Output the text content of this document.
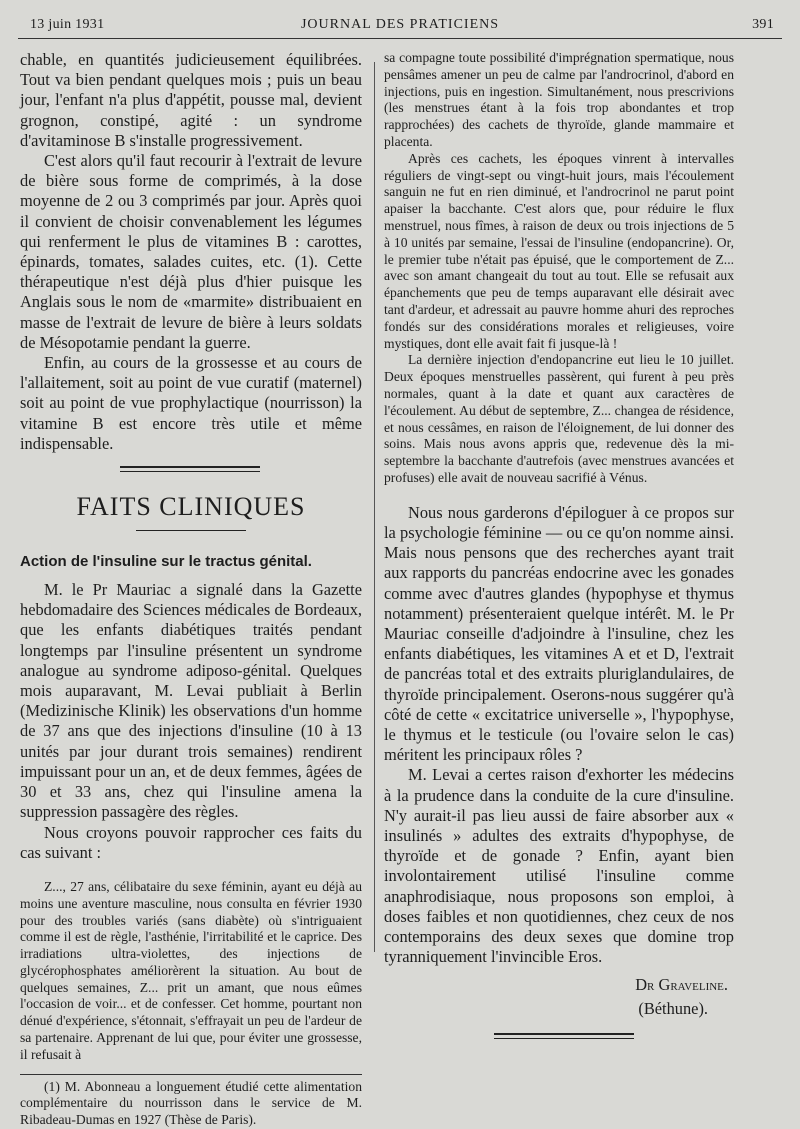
13 juin 1931	JOURNAL DES PRATICIENS	391

chable, en quantités judicieusement équilibrées. Tout va bien pendant quelques mois ; puis un beau jour, l'enfant n'a plus d'appétit, pousse mal, devient grognon, constipé, agité : un syndrome d'avitaminose B s'installe progressivement.

C'est alors qu'il faut recourir à l'extrait de levure de bière sous forme de comprimés, à la dose moyenne de 2 ou 3 comprimés par jour. Après quoi il convient de choisir convenablement les légumes qui renferment le plus de vitamines B : carottes, épinards, tomates, salades cuites, etc. (1). Cette thérapeutique n'est déjà plus d'hier puisque les Anglais sous le nom de «marmite» distribuaient en masse de l'extrait de levure de bière à leurs soldats de Mésopotamie pendant la guerre.

Enfin, au cours de la grossesse et au cours de l'allaitement, soit au point de vue curatif (maternel) soit au point de vue prophylactique (nourrisson) la vitamine B est encore très utile et même indispensable.

FAITS CLINIQUES
Action de l'insuline sur le tractus génital.

M. le Pr Mauriac a signalé dans la Gazette hebdomadaire des Sciences médicales de Bordeaux, que les enfants diabétiques traités pendant longtemps par l'insuline présentent un syndrome analogue au syndrome adiposo-génital. Quelques mois auparavant, M. Levai publiait à Berlin (Medizinische Klinik) les observations d'un homme de 37 ans que des injections d'insuline (10 à 13 unités par jour durant trois semaines) rendirent impuissant pour un an, et de deux femmes, âgées de 30 et 33 ans, chez qui l'insuline amena la suppression passagère des règles.

Nous croyons pouvoir rapprocher ces faits du cas suivant :

Z..., 27 ans, célibataire du sexe féminin, ayant eu déjà au moins une aventure masculine, nous consulta en février 1930 pour des troubles variés (sans diabète) où s'intriguaient comme il est de règle, l'asthénie, l'irritabilité et le caprice. Des irradiations ultra-violettes, des injections de glycérophosphates améliorèrent la situation. Au bout de quelques semaines, Z... prit un amant, que nous eûmes l'occasion de voir... et de confesser. Cet homme, pourtant non dénué d'expérience, s'étonnait, s'effrayait un peu de l'ardeur de sa partenaire. Apprenant de lui que, pour éviter une grossesse, il refusait à

(1) M. Abonneau a longuement étudié cette alimentation complémentaire du nourrisson dans le service de M. Ribadeau-Dumas en 1927 (Thèse de Paris).

sa compagne toute possibilité d'imprégnation spermatique, nous pensâmes amener un peu de calme par l'androcrinol, d'abord en injections, puis en ingestion. Simultanément, nous prescrivions (les menstrues étant à la fois trop abondantes et trop rapprochées) des cachets de thyroïde, glande mammaire et placenta.

Après ces cachets, les époques vinrent à intervalles réguliers de vingt-sept ou vingt-huit jours, mais l'écoulement sanguin ne fut en rien diminué, et l'androcrinol ne parut point apaiser la bacchante. C'est alors que, pour réduire le flux menstruel, nous fîmes, à raison de deux ou trois injections de 5 à 10 unités par semaine, l'essai de l'insuline (endopancrine). Or, le premier tube n'était pas épuisé, que le comportement de Z... avec son amant changeait du tout au tout. Elle se refusait aux épanchements que peu de temps auparavant elle désirait avec tant d'ardeur, et adressait au pauvre homme ahuri des reproches fondés sur des considérations morales et religieuses, voire mystiques, dont elle avait fait fi jusque-là !

La dernière injection d'endopancrine eut lieu le 10 juillet. Deux époques menstruelles passèrent, qui furent à peu près normales, quant à la date et quant aux caractères de l'écoulement. Au début de septembre, Z... changea de résidence, et nous cessâmes, en raison de l'éloignement, de lui donner des soins. Mais nous avons appris que, redevenue dès la mi-septembre la bacchante d'autrefois (avec menstrues avancées et profuses) elle avait de nouveau sacrifié à Vénus.

Nous nous garderons d'épiloguer à ce propos sur la psychologie féminine — ou ce qu'on nomme ainsi. Mais nous pensons que des recherches ayant trait aux rapports du pancréas endocrine avec les gonades comme avec d'autres glandes (hypophyse et thymus notamment) présenteraient quelque intérêt. M. le Pr Mauriac conseille d'adjoindre à l'insuline, chez les enfants diabétiques, les vitamines A et et D, l'extrait de pancréas total et des extraits pluriglandulaires, de thyroïde principalement. Oserons-nous suggérer qu'à côté de cette « excitatrice universelle », l'hypophyse, le thymus et le testicule (ou l'ovaire selon le cas) méritent les principaux rôles ?

M. Levai a certes raison d'exhorter les médecins à la prudence dans la conduite de la cure d'insuline. N'y aurait-il pas lieu aussi de faire absorber aux « insulinés » adultes des extraits d'hypophyse, de thyroïde et de gonade ? Enfin, ayant bien involontairement utilisé l'insuline comme anaphrodisiaque, nous proposons son emploi, à doses faibles et non quotidiennes, chez ceux de nos contemporains des deux sexes que domine trop tyranniquement l'invincible Eros.

Dr Graveline.
(Béthune).
